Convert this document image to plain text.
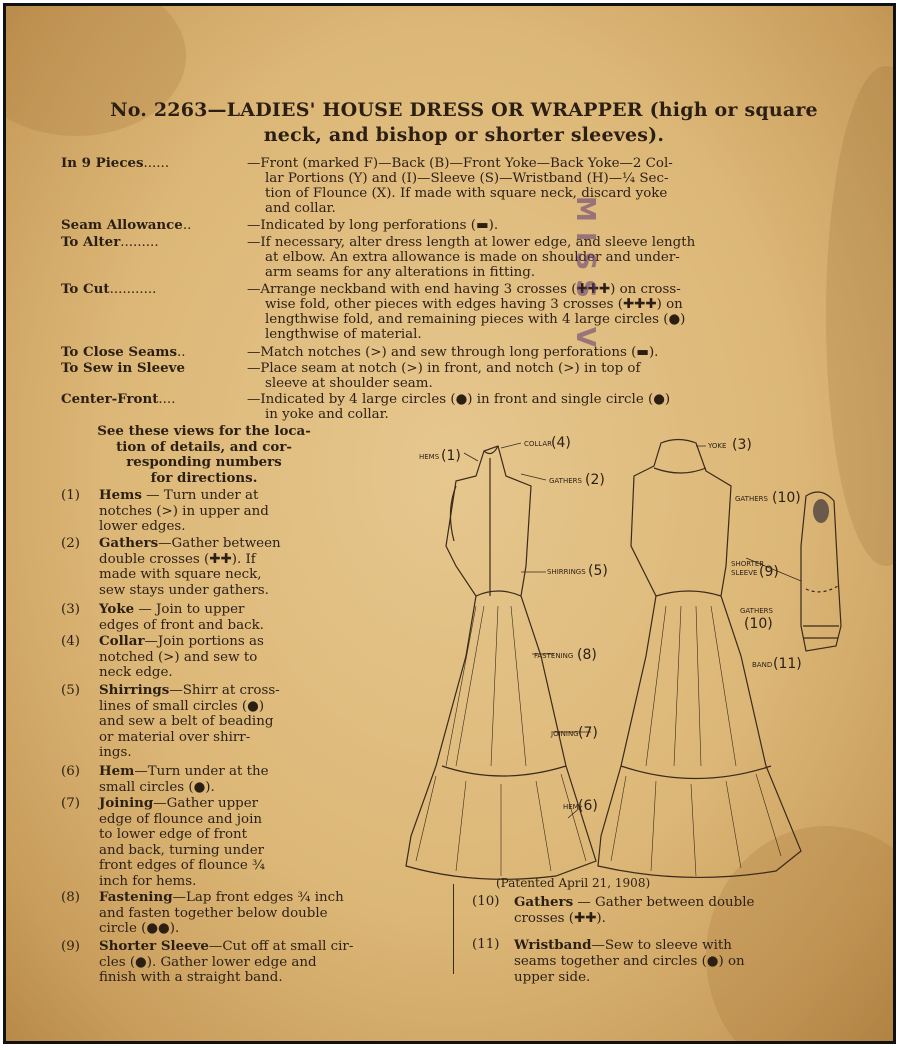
No. 2263—LADIES' HOUSE DRESS OR WRAPPER (high or square
neck, and bishop or shorter sleeves).
In 9 Pieces......	—Front (marked F)—Back (B)—Front Yoke—Back Yoke—2 Col-
lar Portions (Y) and (I)—Sleeve (S)—Wristband (H)—¼ Sec-
tion of Flounce (X). If made with square neck, discard yoke
and collar.
Seam Allowance..	—Indicated by long perforations (▬).
To Alter.........	—If necessary, alter dress length at lower edge, and sleeve length
at elbow. An extra allowance is made on shoulder and under-
arm seams for any alterations in fitting.
To Cut...........	—Arrange neckband with end having 3 crosses (✚✚✚) on cross-
wise fold, other pieces with edges having 3 crosses (✚✚✚) on
lengthwise fold, and remaining pieces with 4 large circles (●)
lengthwise of material.
To Close Seams..	—Match notches (>) and sew through long perforations (▬).
To Sew in Sleeve	—Place seam at notch (>) in front, and notch (>) in top of
sleeve at shoulder seam.
Center-Front....	—Indicated by 4 large circles (●) in front and single circle (●)
in yoke and collar.
See these views for the loca-
tion of details, and cor-
responding numbers
for directions.
(1)	Hems — Turn under at
notches (>) in upper and
lower edges.
(2)	Gathers—Gather between
double crosses (✚✚). If
made with square neck,
sew stays under gathers.
(3)	Yoke — Join to upper
edges of front and back.
(4)	Collar—Join portions as
notched (>) and sew to
neck edge.
(5)	Shirrings—Shirr at cross-
lines of small circles (●)
and sew a belt of beading
or material over shirr-
ings.
(6)	Hem—Turn under at the
small circles (●).
(7)	Joining—Gather upper
edge of flounce and join
to lower edge of front
and back, turning under
front edges of flounce ¾
inch for hems.
(8)	Fastening—Lap front edges ¾ inch
and fasten together below double
circle (●●).
(9)	Shorter Sleeve—Cut off at small cir-
cles (●). Gather lower edge and
finish with a straight band.
(Patented April 21, 1908)
(10) Gathers — Gather between double
crosses (✚✚).
(11) Wristband—Sew to sleeve with
seams together and circles (●) on
upper side.
MISS V
HEMS (1)
COLLAR
(4)
GATHERS (2)
YOKE (3)
GATHERS (10)
SHIRRINGS (5)	SHORTER
SLEEVE (9)
FASTENING (8)
GATHERS
(10)
BAND (11)
JOINING (7)
HEM (6)
